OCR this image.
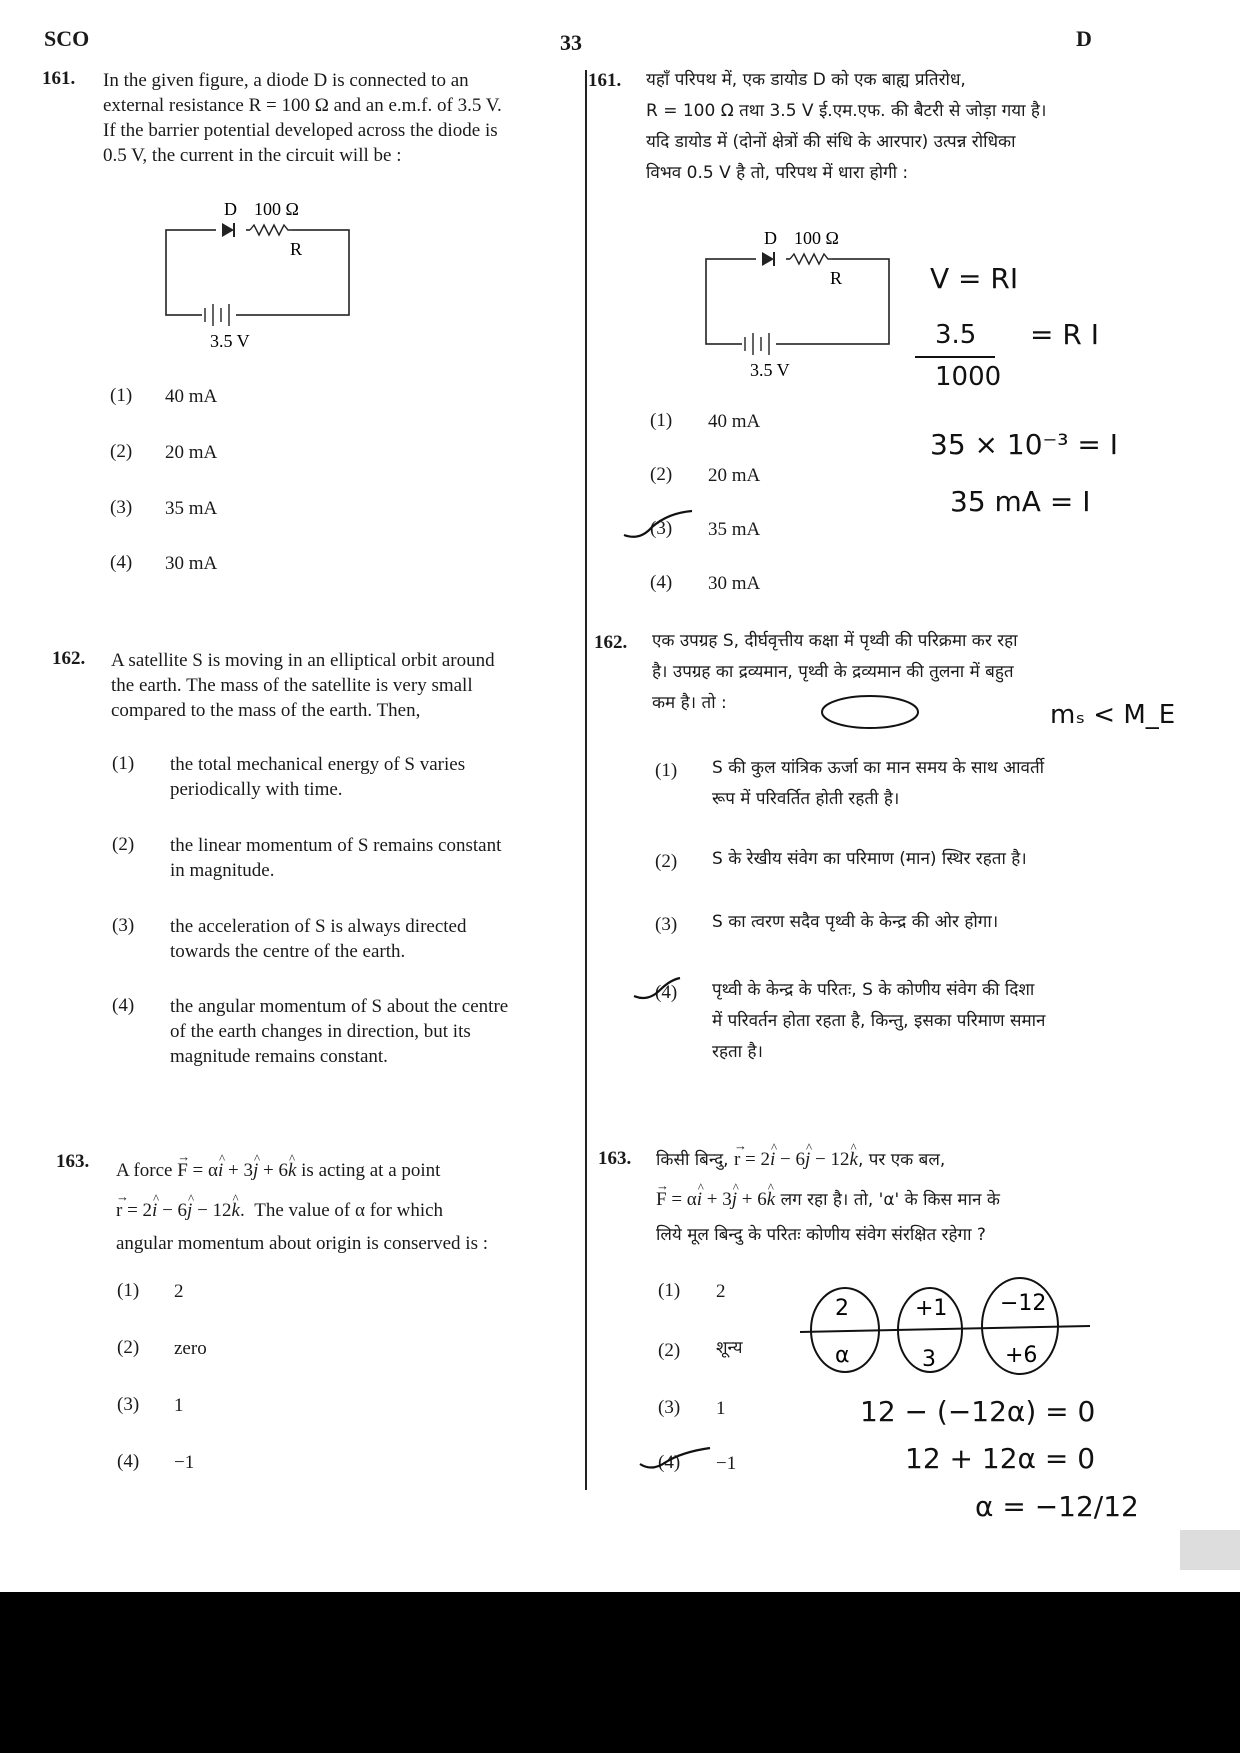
SCO	33	D
161. In the given figure, a diode D is connected to an
external resistance R = 100 Ω and an e.m.f. of 3.5 V.
If the barrier potential developed across the diode is
0.5 V, the current in the circuit will be :
D 100 Ω
R
3.5 V
(1) 40 mA
(2) 20 mA
(3) 35 mA
(4) 30 mA
162. A satellite S is moving in an elliptical orbit around
the earth. The mass of the satellite is very small
compared to the mass of the earth. Then,
(1) the total mechanical energy of S varies
periodically with time.
(2) the linear momentum of S remains constant
in magnitude.
(3) the acceleration of S is always directed
towards the centre of the earth.
(4) the angular momentum of S about the centre
of the earth changes in direction, but its
magnitude remains constant.
163. A force → F = α^ i + 3^ j + 6^ k is acting at a point
→ r = 2^ i − 6^ j − 12^ k.  The value of α for which
angular momentum about origin is conserved is :
(1) 2
(2) zero
(3) 1
(4) −1
161. यहाँ परिपथ में, एक डायोड D को एक बाह्य प्रतिरोध,
R = 100 Ω तथा 3.5 V ई.एम.एफ. की बैटरी से जोड़ा गया है।
यदि डायोड में (दोनों क्षेत्रों की संधि के आरपार) उत्पन्न रोधिका
विभव 0.5 V है तो, परिपथ में धारा होगी :
D 100 Ω
R
3.5 V
(1) 40 mA
(2) 20 mA
(3) 35 mA
(4) 30 mA
162. एक उपग्रह S, दीर्घवृत्तीय कक्षा में पृथ्वी की परिक्रमा कर रहा
है। उपग्रह का द्रव्यमान, पृथ्वी के द्रव्यमान की तुलना में बहुत
कम है। तो :
(1) S की कुल यांत्रिक ऊर्जा का मान समय के साथ आवर्ती
रूप में परिवर्तित होती रहती है।
(2) S के रेखीय संवेग का परिमाण (मान) स्थिर रहता है।
(3) S का त्वरण सदैव पृथ्वी के केन्द्र की ओर होगा।
(4) पृथ्वी के केन्द्र के परितः, S के कोणीय संवेग की दिशा
में परिवर्तन होता रहता है, किन्तु, इसका परिमाण समान
रहता है।
163. किसी बिन्दु, → r = 2^ i − 6^ j − 12^ k, पर एक बल,
→ F = α^ i + 3^ j + 6^ k लग रहा है। तो, 'α' के किस मान के
लिये मूल बिन्दु के परितः कोणीय संवेग संरक्षित रहेगा ?
(1) 2
(2) शून्य
(3) 1
(4) −1
mₛ < M_E
V = RI
3.5 = R I
1000
35 × 10⁻³ = I
35 mA = I
2	+1 −12
α	3	+6
12 − (−12α) = 0
12 + 12α = 0
α = −12/12
